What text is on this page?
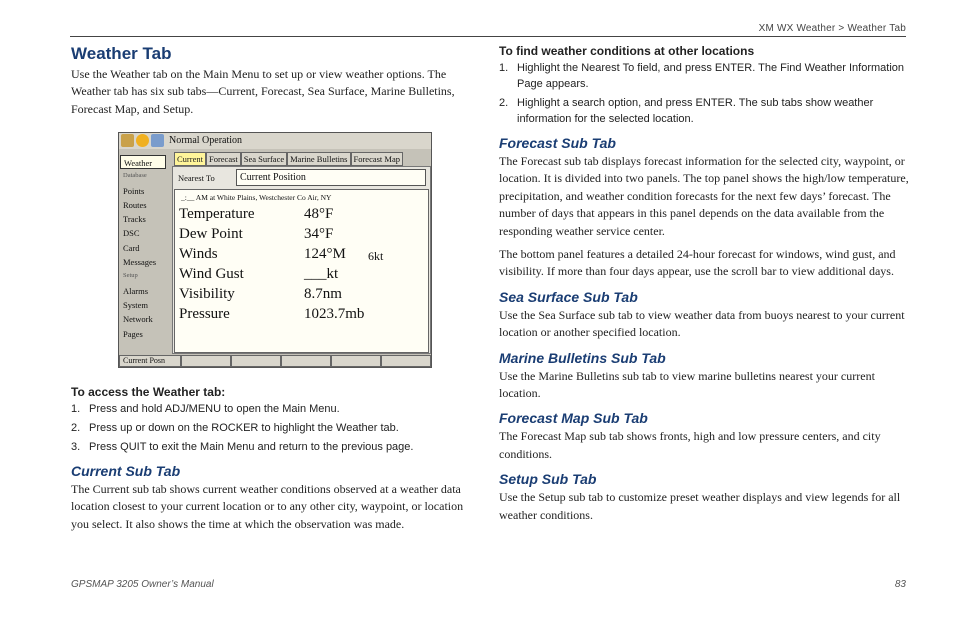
XM WX Weather > Weather Tab
Weather Tab

Use the Weather tab on the Main Menu to set up or view weather options. The Weather tab has six sub tabs—Current, Forecast, Sea Surface, Marine Bulletins, Forecast Map, and Setup.

Normal Operation
Weather
Database
Points
Routes
Tracks
DSC
Card
Messages
Setup
Alarms
System
Network
Pages
Current Forecast Sea Surface Marine Bulletins Forecast Map
Nearest To	Current Position
_:__ AM at White Plains, Westchester Co Air, NY
Temperature	48°F
Dew Point	34°F
Winds	124°M 6kt
Wind Gust	___kt
Visibility	8.7nm
Pressure	1023.7mb
Current Posn
To access the Weather tab:
1. Press and hold ADJ/MENU to open the Main Menu.
2. Press up or down on the ROCKER to highlight the Weather tab.
3. Press QUIT to exit the Main Menu and return to the previous page.
Current Sub Tab

The Current sub tab shows current weather conditions observed at a weather data location closest to your current location or to any other city, waypoint, or location you select. It also shows the time at which the observation was made.

To find weather conditions at other locations
1. Highlight the Nearest To field, and press ENTER. The Find Weather Information Page appears.
2. Highlight a search option, and press ENTER. The sub tabs show weather information for the selected location.
Forecast Sub Tab

The Forecast sub tab displays forecast information for the selected city, waypoint, or location. It is divided into two panels. The top panel shows the high/low temperature, precipitation, and weather condition forecasts for the next few days’ forecast. The number of days that appears in this panel depends on the data available from the responding weather service center.

The bottom panel features a detailed 24-hour forecast for windows, wind gust, and visibility. If more than four days appear, use the scroll bar to view additional days.

Sea Surface Sub Tab

Use the Sea Surface sub tab to view weather data from buoys nearest to your current location or another specified location.

Marine Bulletins Sub Tab

Use the Marine Bulletins sub tab to view marine bulletins nearest your current location.

Forecast Map Sub Tab

The Forecast Map sub tab shows fronts, high and low pressure centers, and city conditions.

Setup Sub Tab

Use the Setup sub tab to customize preset weather displays and view legends for all weather conditions.

GPSMAP 3205 Owner’s Manual	83
